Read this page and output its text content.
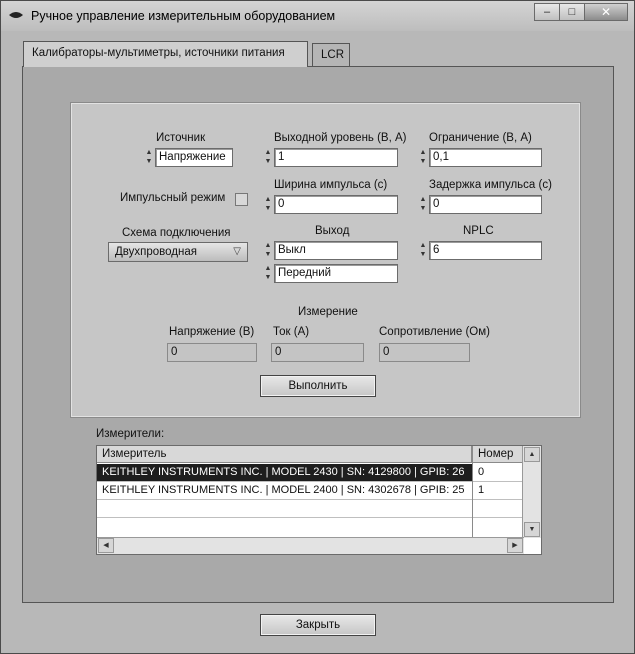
Ручное управление измерительным оборудованием	– □ ✕
Калибраторы-мультиметры, источники питания	LCR
Источник
▲
▼ Напряжение
Выходной уровень (В, А)
▲
▼ 1
Ограничение (В, А)
▲
▼ 0,1
Импульсный режим
Ширина импульса (с)
▲
▼ 0
Задержка импульса (с)
▲
▼ 0
Схема подключения
Двухпроводная	▽
Выход
▲
▼ Выкл
▲
▼ Передний
NPLC
▲
▼ 6
Измерение
Напряжение (В)
0
Ток (А)
0
Сопротивление (Ом)
0
Выполнить
Измерители:
Измеритель	Номер
KEITHLEY INSTRUMENTS INC. | MODEL 2430 | SN: 4129800 | GPIB: 26	0
KEITHLEY INSTRUMENTS INC. | MODEL 2400 | SN: 4302678 | GPIB: 25	1
▲
▼
◀	▶
Закрыть
